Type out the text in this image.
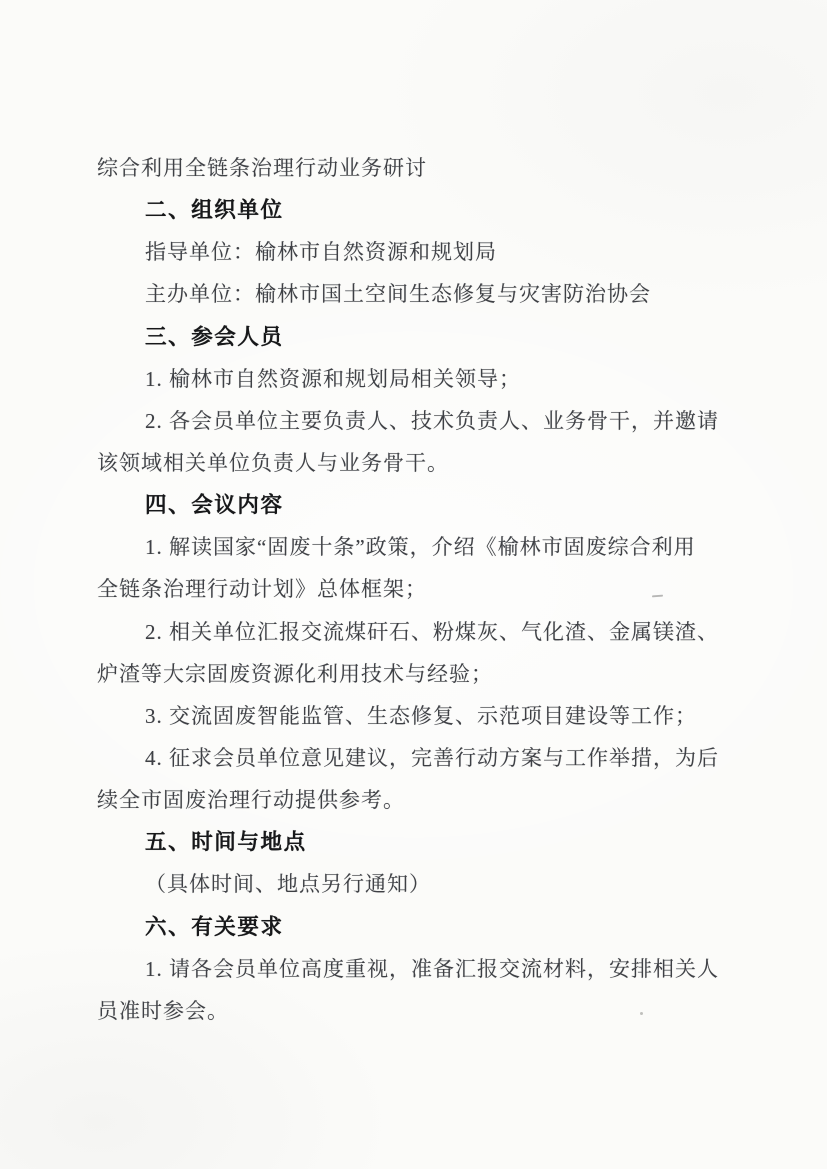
综合利用全链条治理行动业务研讨
二、组织单位
指导单位：榆林市自然资源和规划局
主办单位：榆林市国土空间生态修复与灾害防治协会
三、参会人员
1. 榆林市自然资源和规划局相关领导；
2. 各会员单位主要负责人、技术负责人、业务骨干，并邀请
该领域相关单位负责人与业务骨干。
四、会议内容
1. 解读国家“固废十条”政策，介绍《榆林市固废综合利用
全链条治理行动计划》总体框架；
2. 相关单位汇报交流煤矸石、粉煤灰、气化渣、金属镁渣、
炉渣等大宗固废资源化利用技术与经验；
3. 交流固废智能监管、生态修复、示范项目建设等工作；
4. 征求会员单位意见建议，完善行动方案与工作举措，为后
续全市固废治理行动提供参考。
五、时间与地点
（具体时间、地点另行通知）
六、有关要求
1. 请各会员单位高度重视，准备汇报交流材料，安排相关人
员准时参会。
